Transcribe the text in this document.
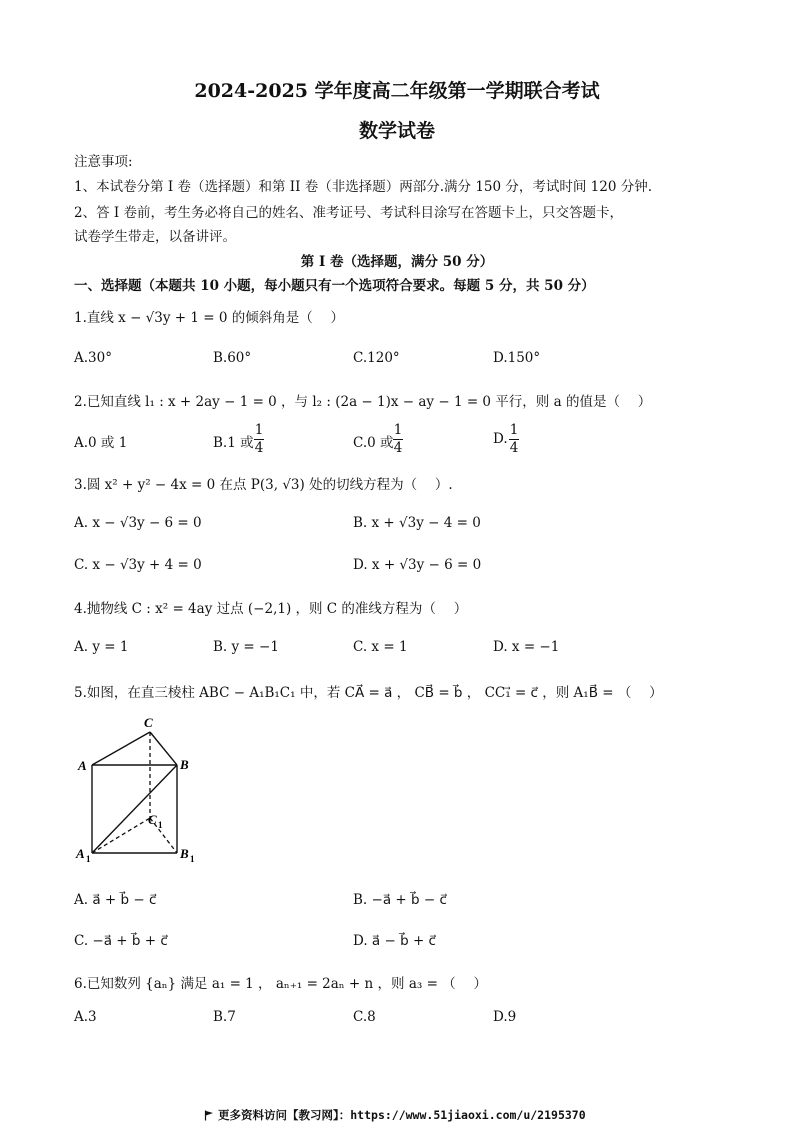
2024-2025 学年度高二年级第一学期联合考试
数学试卷
注意事项:
1、本试卷分第 I 卷（选择题）和第 II 卷（非选择题）两部分.满分 150 分，考试时间 120 分钟.
2、答 I 卷前，考生务必将自己的姓名、准考证号、考试科目涂写在答题卡上，只交答题卡，
试卷学生带走，以备讲评。
第 I 卷（选择题，满分 50 分）
一、选择题（本题共 10 小题，每小题只有一个选项符合要求。每题 5 分，共 50 分）
1.直线 x − √3y + 1 = 0 的倾斜角是（　 ）
A.30°	B.60°	C.120°	D.150°
2.已知直线 l₁ : x + 2ay − 1 = 0 ，与 l₂ : (2a − 1)x − ay − 1 = 0 平行，则 a 的值是（　 ）
A.0 或 1	B.1 或	C.0 或	D.
1
4
1
4
1
4
3.圆 x² + y² − 4x = 0 在点 P(3, √3) 处的切线方程为（　 ）.
A. x − √3y − 6 = 0	B. x + √3y − 4 = 0
C. x − √3y + 4 = 0	D. x + √3y − 6 = 0
4.抛物线 C : x² = 4ay 过点 (−2,1) ，则 C 的准线方程为（　 ）
A. y = 1	B. y = −1	C. x = 1	D. x = −1
5.如图，在直三棱柱 ABC − A₁B₁C₁ 中，若 CA⃗ = a⃗ ， CB⃗ = b⃗ ， CC₁⃗ = c⃗ ，则 A₁B⃗ = （　 ）
C
A	B
C 1
A 1	B 1
A. a⃗ + b⃗ − c⃗	B. −a⃗ + b⃗ − c⃗
C. −a⃗ + b⃗ + c⃗	D. a⃗ − b⃗ + c⃗
6.已知数列 {aₙ} 满足 a₁ = 1 ， aₙ₊₁ = 2aₙ + n ，则 a₃ = （　 ）
A.3	B.7	C.8	D.9
更多资料访问【教习网】：https://www.51jiaoxi.com/u/2195370
